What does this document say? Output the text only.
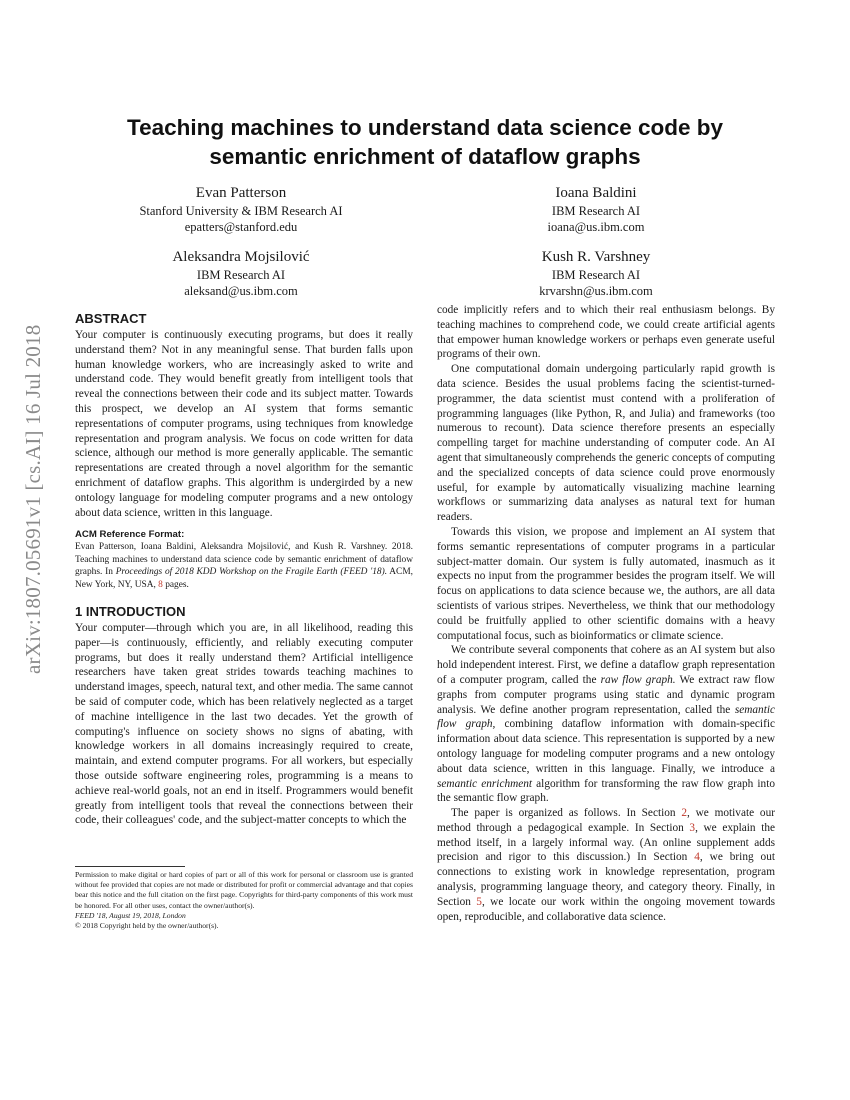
arXiv:1807.05691v1 [cs.AI] 16 Jul 2018
Teaching machines to understand data science code by semantic enrichment of dataflow graphs
Evan Patterson
Stanford University & IBM Research AI
epatters@stanford.edu
Ioana Baldini
IBM Research AI
ioana@us.ibm.com
Aleksandra Mojsilović
IBM Research AI
aleksand@us.ibm.com
Kush R. Varshney
IBM Research AI
krvarshn@us.ibm.com

ABSTRACT

Your computer is continuously executing programs, but does it really understand them? Not in any meaningful sense. That burden falls upon human knowledge workers, who are increasingly asked to write and understand code. They would benefit greatly from intelligent tools that reveal the connections between their code and its subject matter. Towards this prospect, we develop an AI system that forms semantic representations of computer programs, using techniques from knowledge representation and program analysis. We focus on code written for data science, although our method is more generally applicable. The semantic representations are created through a novel algorithm for the semantic enrichment of dataflow graphs. This algorithm is undergirded by a new ontology language for modeling computer programs and a new ontology about data science, written in this language.

ACM Reference Format:

Evan Patterson, Ioana Baldini, Aleksandra Mojsilović, and Kush R. Varshney. 2018. Teaching machines to understand data science code by semantic enrichment of dataflow graphs. In Proceedings of 2018 KDD Workshop on the Fragile Earth (FEED '18). ACM, New York, NY, USA, 8 pages.

1 INTRODUCTION

Your computer—through which you are, in all likelihood, reading this paper—is continuously, efficiently, and reliably executing computer programs, but does it really understand them? Artificial intelligence researchers have taken great strides towards teaching machines to understand images, speech, natural text, and other media. The same cannot be said of computer code, which has been relatively neglected as a target of machine intelligence in the last two decades. Yet the growth of computing's influence on society shows no signs of abating, with knowledge workers in all domains increasingly required to create, maintain, and extend computer programs. For all workers, but especially those outside software engineering roles, programming is a means to achieve real-world goals, not an end in itself. Programmers would benefit greatly from intelligent tools that reveal the connections between their code, their colleagues' code, and the subject-matter concepts to which the

Permission to make digital or hard copies of part or all of this work for personal or classroom use is granted without fee provided that copies are not made or distributed for profit or commercial advantage and that copies bear this notice and the full citation on the first page. Copyrights for third-party components of this work must be honored. For all other uses, contact the owner/author(s).

FEED '18, August 19, 2018, London

© 2018 Copyright held by the owner/author(s).

code implicitly refers and to which their real enthusiasm belongs. By teaching machines to comprehend code, we could create artificial agents that empower human knowledge workers or perhaps even generate useful programs of their own.

One computational domain undergoing particularly rapid growth is data science. Besides the usual problems facing the scientist-turned-programmer, the data scientist must contend with a proliferation of programming languages (like Python, R, and Julia) and frameworks (too numerous to recount). Data science therefore presents an especially compelling target for machine understanding of computer code. An AI agent that simultaneously comprehends the generic concepts of computing and the specialized concepts of data science could prove enormously useful, for example by automatically visualizing machine learning workflows or summarizing data analyses as natural text for human readers.

Towards this vision, we propose and implement an AI system that forms semantic representations of computer programs in a particular subject-matter domain. Our system is fully automated, inasmuch as it expects no input from the programmer besides the program itself. We will focus on applications to data science because we, the authors, are all data scientists of various stripes. Nevertheless, we think that our methodology could be fruitfully applied to other scientific domains with a heavy computational focus, such as bioinformatics or climate science.

We contribute several components that cohere as an AI system but also hold independent interest. First, we define a dataflow graph representation of a computer program, called the raw flow graph. We extract raw flow graphs from computer programs using static and dynamic program analysis. We define another program representation, called the semantic flow graph, combining dataflow information with domain-specific information about data science. This representation is supported by a new ontology language for modeling computer programs and a new ontology about data science, written in this language. Finally, we introduce a semantic enrichment algorithm for transforming the raw flow graph into the semantic flow graph.

The paper is organized as follows. In Section 2, we motivate our method through a pedagogical example. In Section 3, we explain the method itself, in a largely informal way. (An online supplement adds precision and rigor to this discussion.) In Section 4, we bring out connections to existing work in knowledge representation, program analysis, programming language theory, and category theory. Finally, in Section 5, we locate our work within the ongoing movement towards open, reproducible, and collaborative data science.
